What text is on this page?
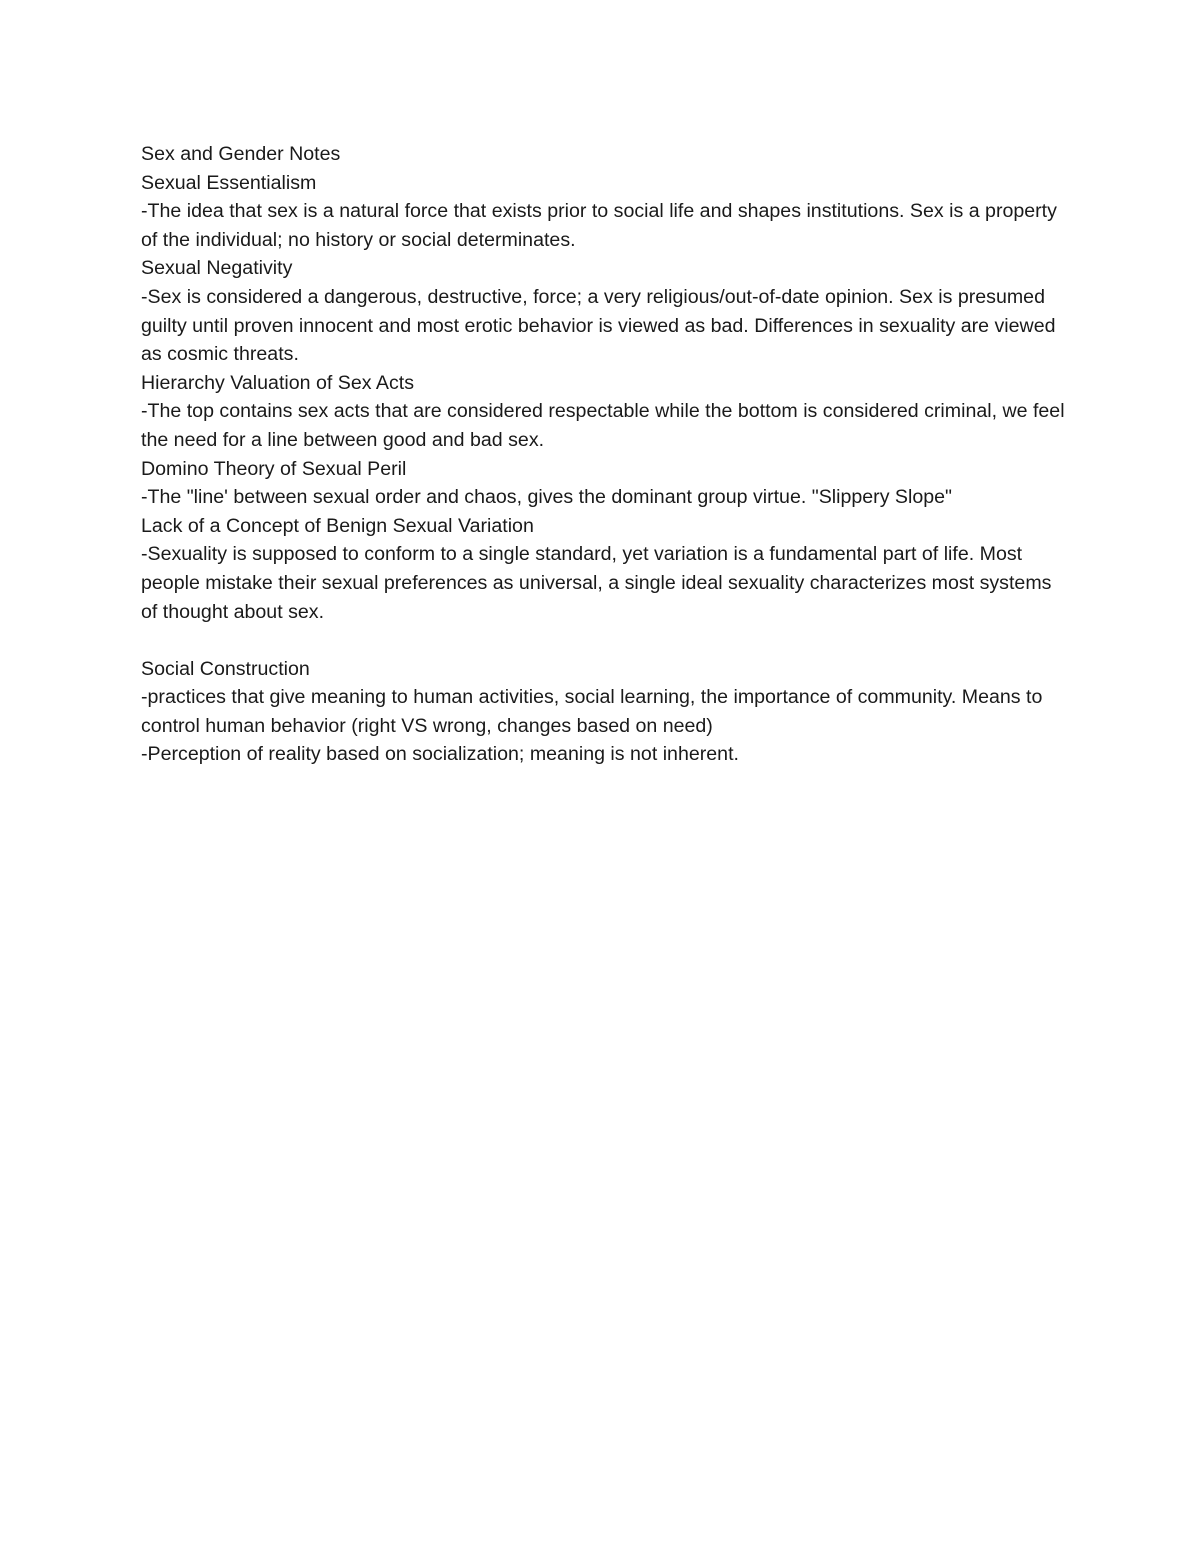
Sex and Gender Notes

Sexual Essentialism

-The idea that sex is a natural force that exists prior to social life and shapes institutions. Sex is a property of the individual; no history or social determinates.

Sexual Negativity

-Sex is considered a dangerous, destructive, force; a very religious/out-of-date opinion. Sex is presumed guilty until proven innocent and most erotic behavior is viewed as bad. Differences in sexuality are viewed as cosmic threats.

Hierarchy Valuation of Sex Acts

-The top contains sex acts that are considered respectable while the bottom is considered criminal, we feel the need for a line between good and bad sex.

Domino Theory of Sexual Peril

-The "line' between sexual order and chaos, gives the dominant group virtue. "Slippery Slope"

Lack of a Concept of Benign Sexual Variation

-Sexuality is supposed to conform to a single standard, yet variation is a fundamental part of life. Most people mistake their sexual preferences as universal, a single ideal sexuality characterizes most systems of thought about sex.

Social Construction

-practices that give meaning to human activities, social learning, the importance of community. Means to control human behavior (right VS wrong, changes based on need)

-Perception of reality based on socialization; meaning is not inherent.
